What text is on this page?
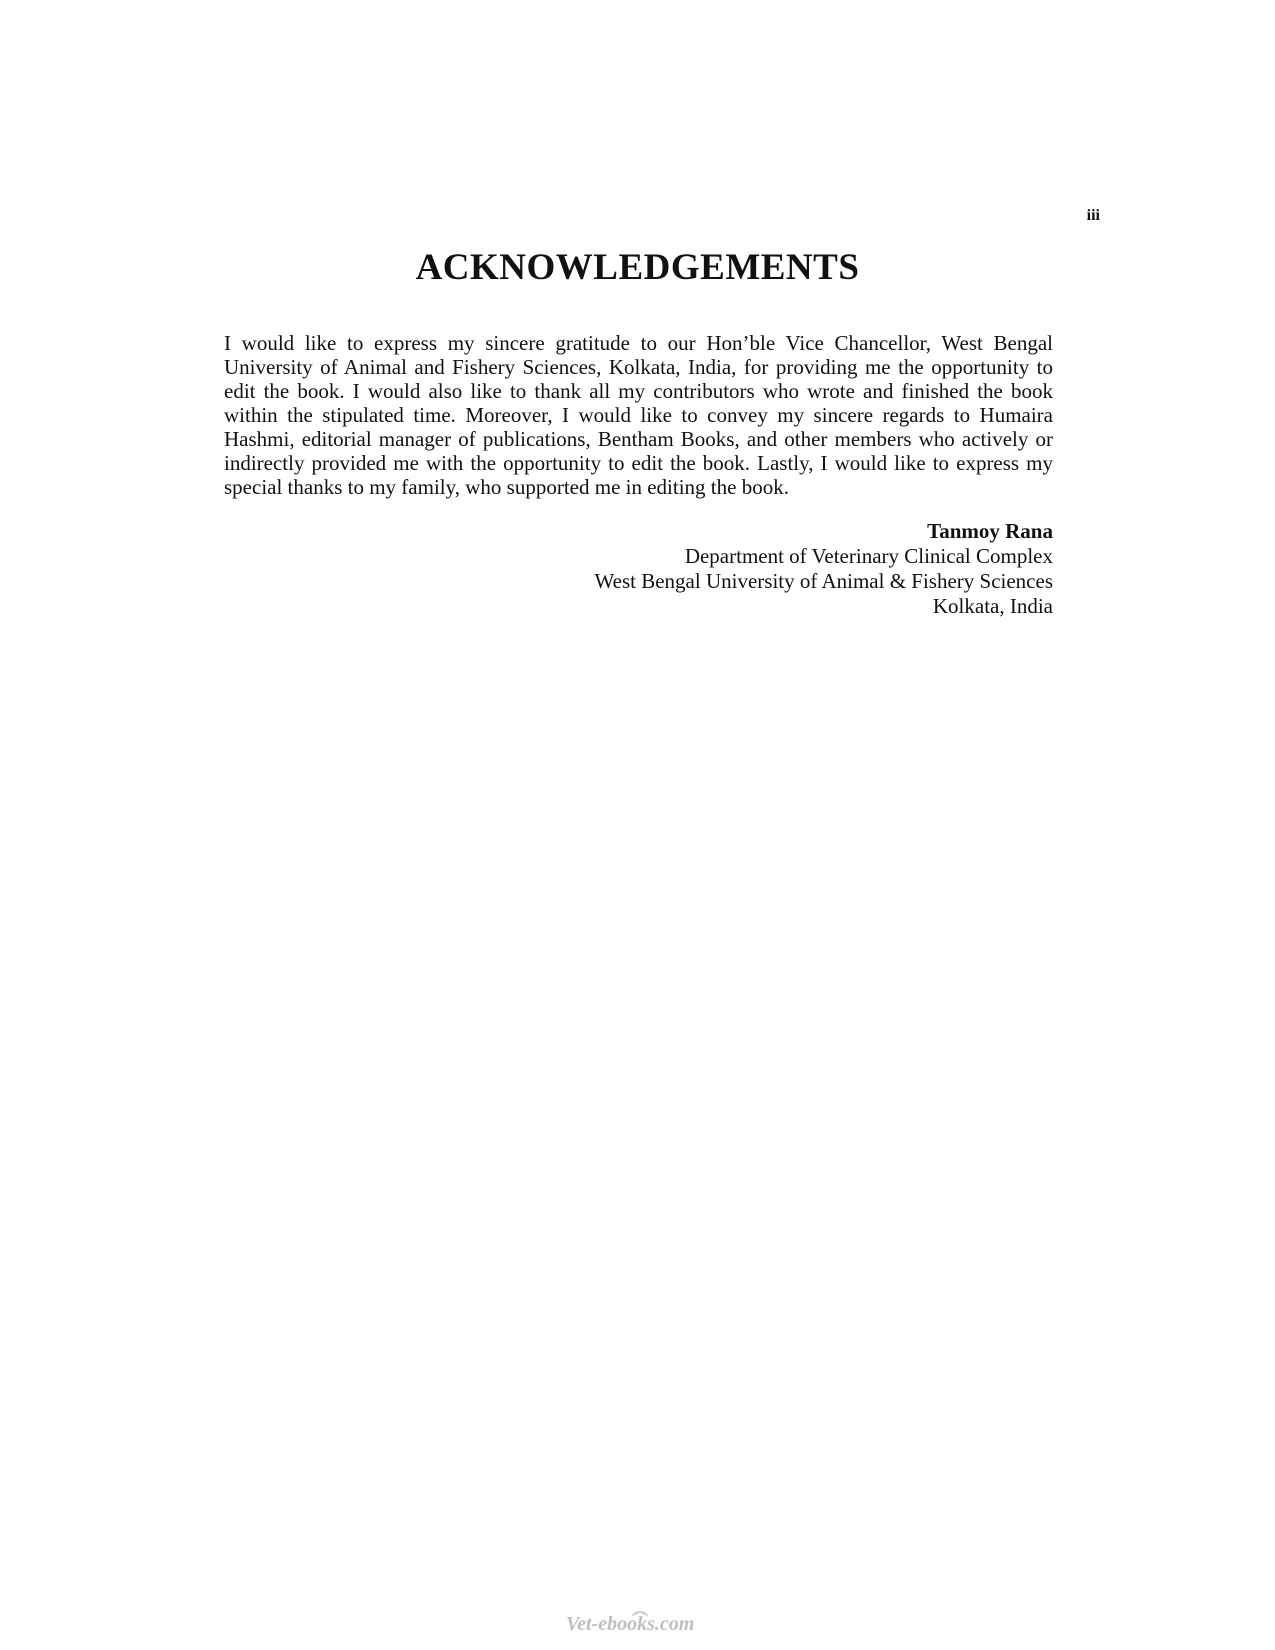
iii
ACKNOWLEDGEMENTS

I would like to express my sincere gratitude to our Hon’ble Vice Chancellor, West Bengal University of Animal and Fishery Sciences, Kolkata, India, for providing me the opportunity to edit the book. I would also like to thank all my contributors who wrote and finished the book within the stipulated time. Moreover, I would like to convey my sincere regards to Humaira Hashmi, editorial manager of publications, Bentham Books, and other members who actively or indirectly provided me with the opportunity to edit the book. Lastly, I would like to express my special thanks to my family, who supported me in editing the book.

Tanmoy Rana
Department of Veterinary Clinical Complex
West Bengal University of Animal & Fishery Sciences
Kolkata, India
Vet-ebooks.com
